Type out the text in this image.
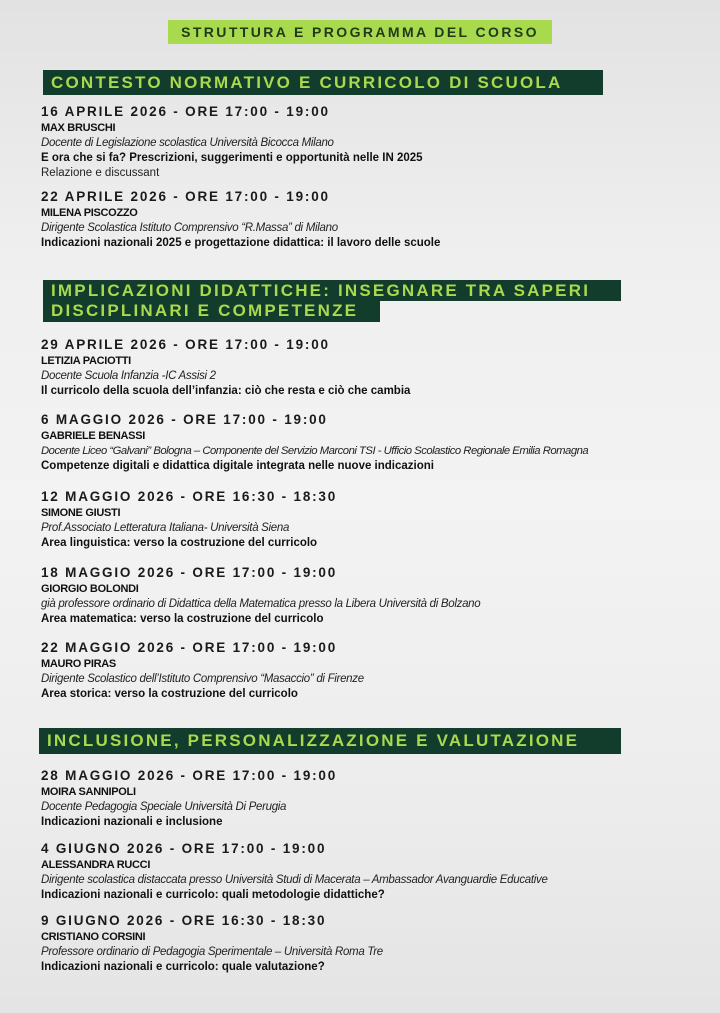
STRUTTURA E PROGRAMMA DEL CORSO
CONTESTO NORMATIVO E CURRICOLO DI SCUOLA
16 APRILE 2026 - ORE 17:00 - 19:00
MAX BRUSCHI
Docente di Legislazione scolastica Università Bicocca Milano
E ora che si fa? Prescrizioni, suggerimenti e opportunità nelle IN 2025
Relazione e discussant
22 APRILE 2026 - ORE 17:00 - 19:00
MILENA PISCOZZO
Dirigente Scolastica Istituto Comprensivo “R.Massa” di Milano
Indicazioni nazionali 2025 e progettazione didattica: il lavoro delle scuole
IMPLICAZIONI DIDATTICHE: INSEGNARE TRA SAPERI
DISCIPLINARI E COMPETENZE
29 APRILE 2026 - ORE 17:00 - 19:00
LETIZIA PACIOTTI
Docente Scuola Infanzia -IC Assisi 2
Il curricolo della scuola dell’infanzia: ciò che resta e ciò che cambia
6 MAGGIO 2026 - ORE 17:00 - 19:00
GABRIELE BENASSI
Docente Liceo “Galvani” Bologna – Componente del Servizio Marconi TSI - Ufficio Scolastico Regionale Emilia Romagna
Competenze digitali e didattica digitale integrata nelle nuove indicazioni
12 MAGGIO 2026 - ORE 16:30 - 18:30
SIMONE GIUSTI
Prof.Associato Letteratura Italiana- Università Siena
Area linguistica: verso la costruzione del curricolo
18 MAGGIO 2026 - ORE 17:00 - 19:00
GIORGIO BOLONDI
già professore ordinario di Didattica della Matematica presso la Libera Università di Bolzano
Area matematica: verso la costruzione del curricolo
22 MAGGIO 2026 - ORE 17:00 - 19:00
MAURO PIRAS
Dirigente Scolastico dell’Istituto Comprensivo “Masaccio” di Firenze
Area storica: verso la costruzione del curricolo
INCLUSIONE, PERSONALIZZAZIONE E VALUTAZIONE
28 MAGGIO 2026 - ORE 17:00 - 19:00
MOIRA SANNIPOLI
Docente Pedagogia Speciale Università Di Perugia
Indicazioni nazionali e inclusione
4 GIUGNO 2026 - ORE 17:00 - 19:00
ALESSANDRA RUCCI
Dirigente scolastica distaccata presso Università Studi di Macerata – Ambassador Avanguardie Educative
Indicazioni nazionali e curricolo: quali metodologie didattiche?
9 GIUGNO 2026 - ORE 16:30 - 18:30
CRISTIANO CORSINI
Professore ordinario di Pedagogia Sperimentale – Università Roma Tre
Indicazioni nazionali e curricolo: quale valutazione?
